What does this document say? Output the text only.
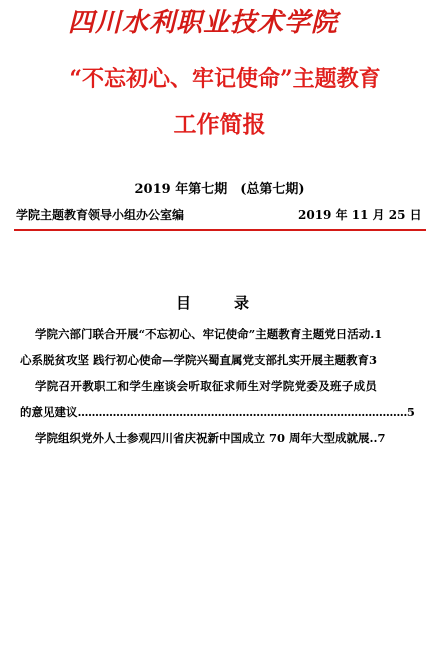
四川水利职业技术学院
“不忘初心、牢记使命”主题教育
工作简报
2019 年第七期　(总第七期)
学院主题教育领导小组办公室编	2019 年 11 月 25 日
目　录
学院六部门联合开展“不忘初心、牢记使命”主题教育主题党日活动.1
心系脱贫攻坚 践行初心使命—学院兴蜀直属党支部扎实开展主题教育3
学院召开教职工和学生座谈会听取征求师生对学院党委及班子成员
的意见建议..............................................................................................5
学院组织党外人士参观四川省庆祝新中国成立 70 周年大型成就展..7
